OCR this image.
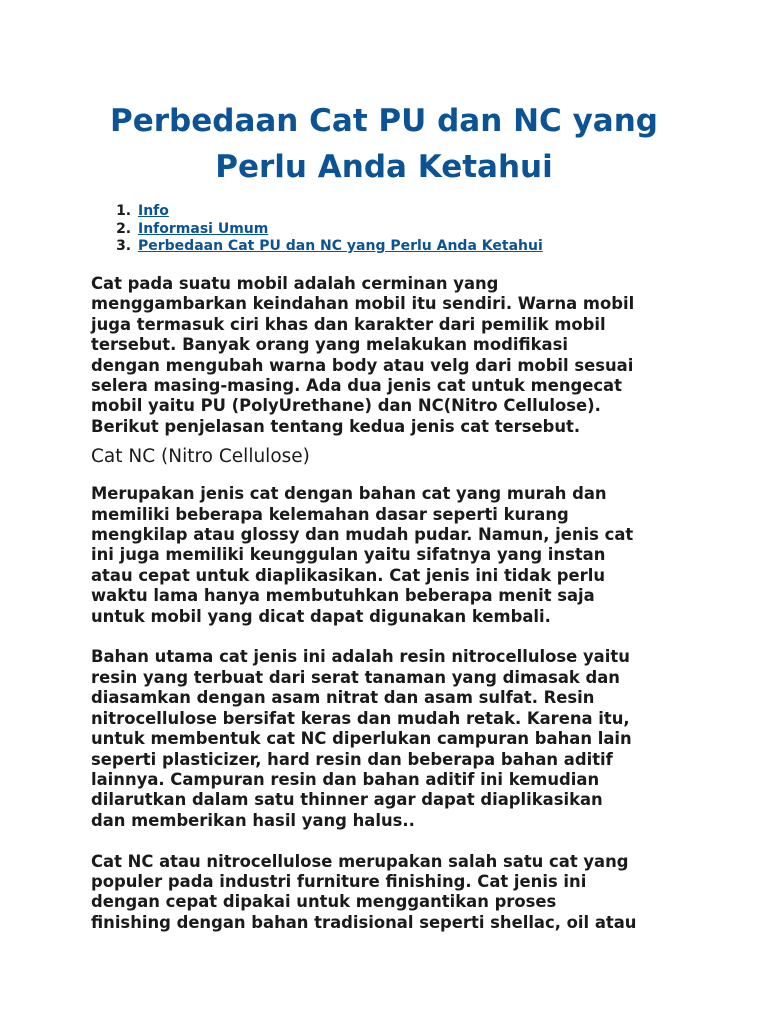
Perbedaan Cat PU dan NC yang Perlu Anda Ketahui
1. Info
2. Informasi Umum
3. Perbedaan Cat PU dan NC yang Perlu Anda Ketahui

Cat pada suatu mobil adalah cerminan yang
menggambarkan keindahan mobil itu sendiri. Warna mobil
juga termasuk ciri khas dan karakter dari pemilik mobil
tersebut. Banyak orang yang melakukan modifikasi
dengan mengubah warna body atau velg dari mobil sesuai
selera masing-masing. Ada dua jenis cat untuk mengecat
mobil yaitu PU (PolyUrethane) dan NC(Nitro Cellulose).
Berikut penjelasan tentang kedua jenis cat tersebut.

Cat NC (Nitro Cellulose)

Merupakan jenis cat dengan bahan cat yang murah dan
memiliki beberapa kelemahan dasar seperti kurang
mengkilap atau glossy dan mudah pudar. Namun, jenis cat
ini juga memiliki keunggulan yaitu sifatnya yang instan
atau cepat untuk diaplikasikan. Cat jenis ini tidak perlu
waktu lama hanya membutuhkan beberapa menit saja
untuk mobil yang dicat dapat digunakan kembali.

Bahan utama cat jenis ini adalah resin nitrocellulose yaitu
resin yang terbuat dari serat tanaman yang dimasak dan
diasamkan dengan asam nitrat dan asam sulfat. Resin
nitrocellulose bersifat keras dan mudah retak. Karena itu,
untuk membentuk cat NC diperlukan campuran bahan lain
seperti plasticizer, hard resin dan beberapa bahan aditif
lainnya. Campuran resin dan bahan aditif ini kemudian
dilarutkan dalam satu thinner agar dapat diaplikasikan
dan memberikan hasil yang halus..

Cat NC atau nitrocellulose merupakan salah satu cat yang
populer pada industri furniture finishing. Cat jenis ini
dengan cepat dipakai untuk menggantikan proses
finishing dengan bahan tradisional seperti shellac, oil atau
